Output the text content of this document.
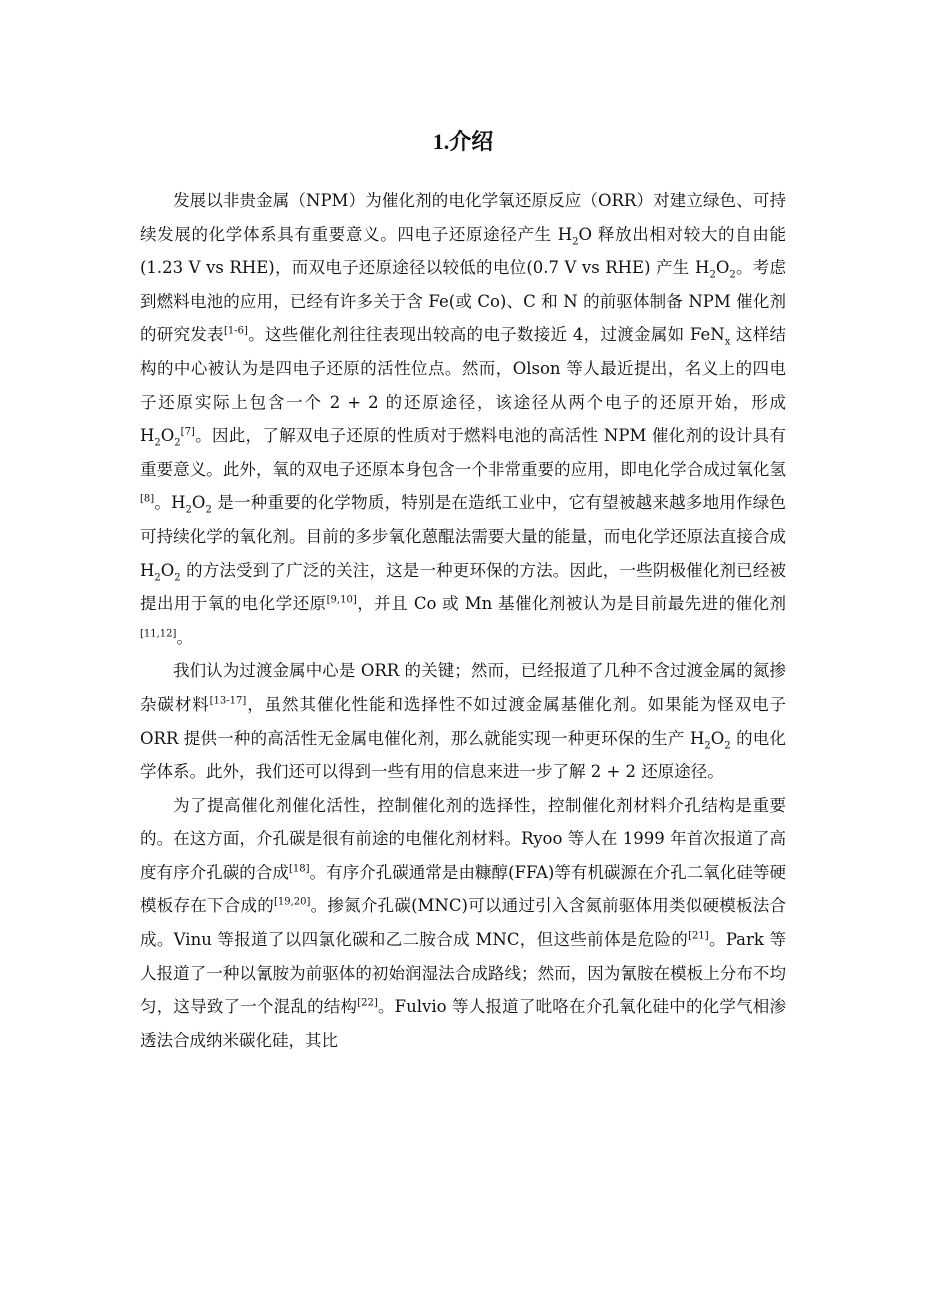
1.介绍

发展以非贵金属（NPM）为催化剂的电化学氧还原反应（ORR）对建立绿色、可持续发展的化学体系具有重要意义。四电子还原途径产生 $H_2O$ 释放出相对较大的自由能(1.23 V vs RHE)，而双电子还原途径以较低的电位(0.7 V vs RHE) 产生 $H_2O_2$。考虑到燃料电池的应用，已经有许多关于含 Fe(或 Co)、C 和 N 的前驱体制备 NPM 催化剂的研究发表[1-6]。这些催化剂往往表现出较高的电子数接近 4，过渡金属如 FeN$_x$ 这样结构的中心被认为是四电子还原的活性位点。然而，Olson 等人最近提出，名义上的四电子还原实际上包含一个 2 + 2 的还原途径，该途径从两个电子的还原开始，形成 $H_2O_2[7]$。因此，了解双电子还原的性质对于燃料电池的高活性 NPM 催化剂的设计具有重要意义。此外，氧的双电子还原本身包含一个非常重要的应用，即电化学合成过氧化氢[8]。$H_2O_2$ 是一种重要的化学物质，特别是在造纸工业中，它有望被越来越多地用作绿色可持续化学的氧化剂。目前的多步氧化蒽醌法需要大量的能量，而电化学还原法直接合成 $H_2O_2$ 的方法受到了广泛的关注，这是一种更环保的方法。因此，一些阴极催化剂已经被提出用于氧的电化学还原[9,10]，并且 Co 或 Mn 基催化剂被认为是目前最先进的催化剂[11,12]。

我们认为过渡金属中心是 ORR 的关键；然而，已经报道了几种不含过渡金属的氮掺杂碳材料[13-17]，虽然其催化性能和选择性不如过渡金属基催化剂。如果能为怪双电子 ORR 提供一种的高活性无金属电催化剂，那么就能实现一种更环保的生产 $H_2O_2$ 的电化学体系。此外，我们还可以得到一些有用的信息来进一步了解 2 + 2 还原途径。

为了提高催化剂催化活性，控制催化剂的选择性，控制催化剂材料介孔结构是重要的。在这方面，介孔碳是很有前途的电催化剂材料。Ryoo 等人在 1999 年首次报道了高度有序介孔碳的合成[18]。有序介孔碳通常是由糠醇(FFA)等有机碳源在介孔二氧化硅等硬模板存在下合成的[19,20]。掺氮介孔碳(MNC)可以通过引入含氮前驱体用类似硬模板法合成。Vinu 等报道了以四氯化碳和乙二胺合成 MNC，但这些前体是危险的[21]。Park 等人报道了一种以氰胺为前驱体的初始润湿法合成路线；然而，因为氰胺在模板上分布不均匀，这导致了一个混乱的结构[22]。Fulvio 等人报道了吡咯在介孔氧化硅中的化学气相渗透法合成纳米碳化硅，其比
